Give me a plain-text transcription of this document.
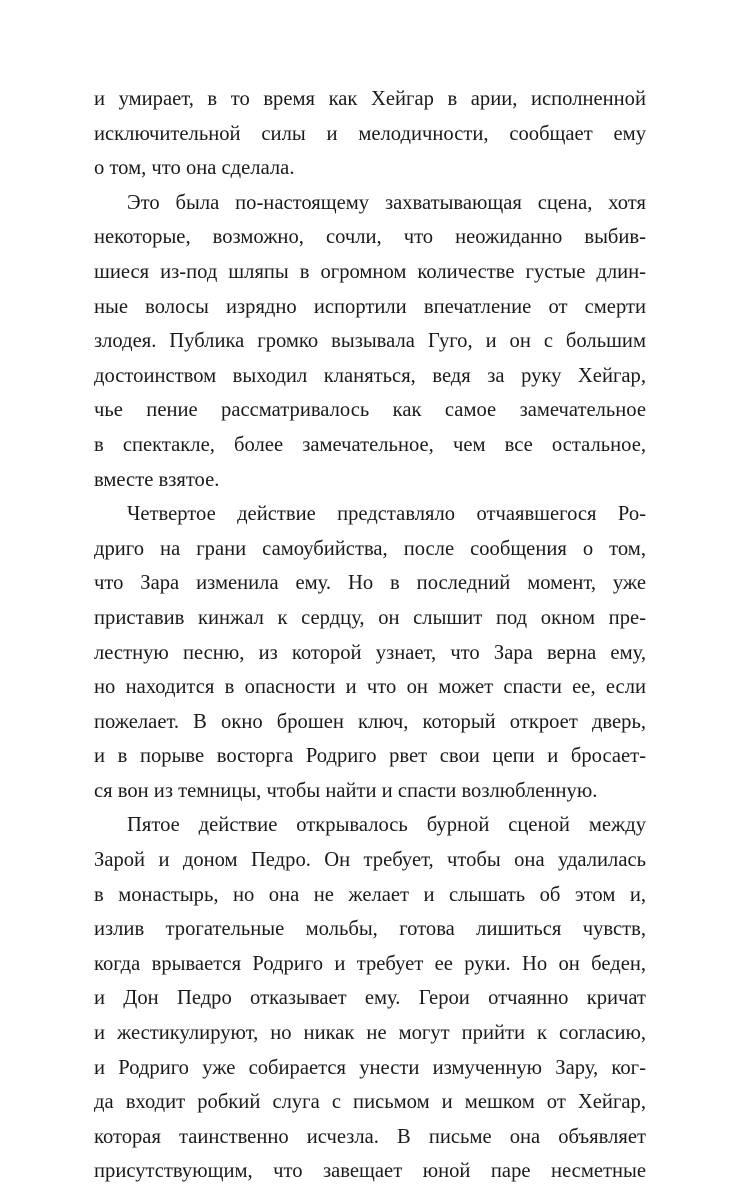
и умирает, в то время как Хейгар в арии, исполненной
исключительной силы и мелодичности, сообщает ему
о том, что она сделала.
Это была по-настоящему захватывающая сцена, хотя
некоторые, возможно, сочли, что неожиданно выбив-
шиеся из-под шляпы в огромном количестве густые длин-
ные волосы изрядно испортили впечатление от смерти
злодея. Публика громко вызывала Гуго, и он с большим
достоинством выходил кланяться, ведя за руку Хейгар,
чье пение рассматривалось как самое замечательное
в спектакле, более замечательное, чем все остальное,
вместе взятое.
Четвертое действие представляло отчаявшегося Ро-
дриго на грани самоубийства, после сообщения о том,
что Зара изменила ему. Но в последний момент, уже
приставив кинжал к сердцу, он слышит под окном пре-
лестную песню, из которой узнает, что Зара верна ему,
но находится в опасности и что он может спасти ее, если
пожелает. В окно брошен ключ, который откроет дверь,
и в порыве восторга Родриго рвет свои цепи и бросает-
ся вон из темницы, чтобы найти и спасти возлюбленную.
Пятое действие открывалось бурной сценой между
Зарой и доном Педро. Он требует, чтобы она удалилась
в монастырь, но она не желает и слышать об этом и,
излив трогательные мольбы, готова лишиться чувств,
когда врывается Родриго и требует ее руки. Но он беден,
и Дон Педро отказывает ему. Герои отчаянно кричат
и жестикулируют, но никак не могут прийти к согласию,
и Родриго уже собирается унести измученную Зару, ког-
да входит робкий слуга с письмом и мешком от Хейгар,
которая таинственно исчезла. В письме она объявляет
присутствующим, что завещает юной паре несметные
